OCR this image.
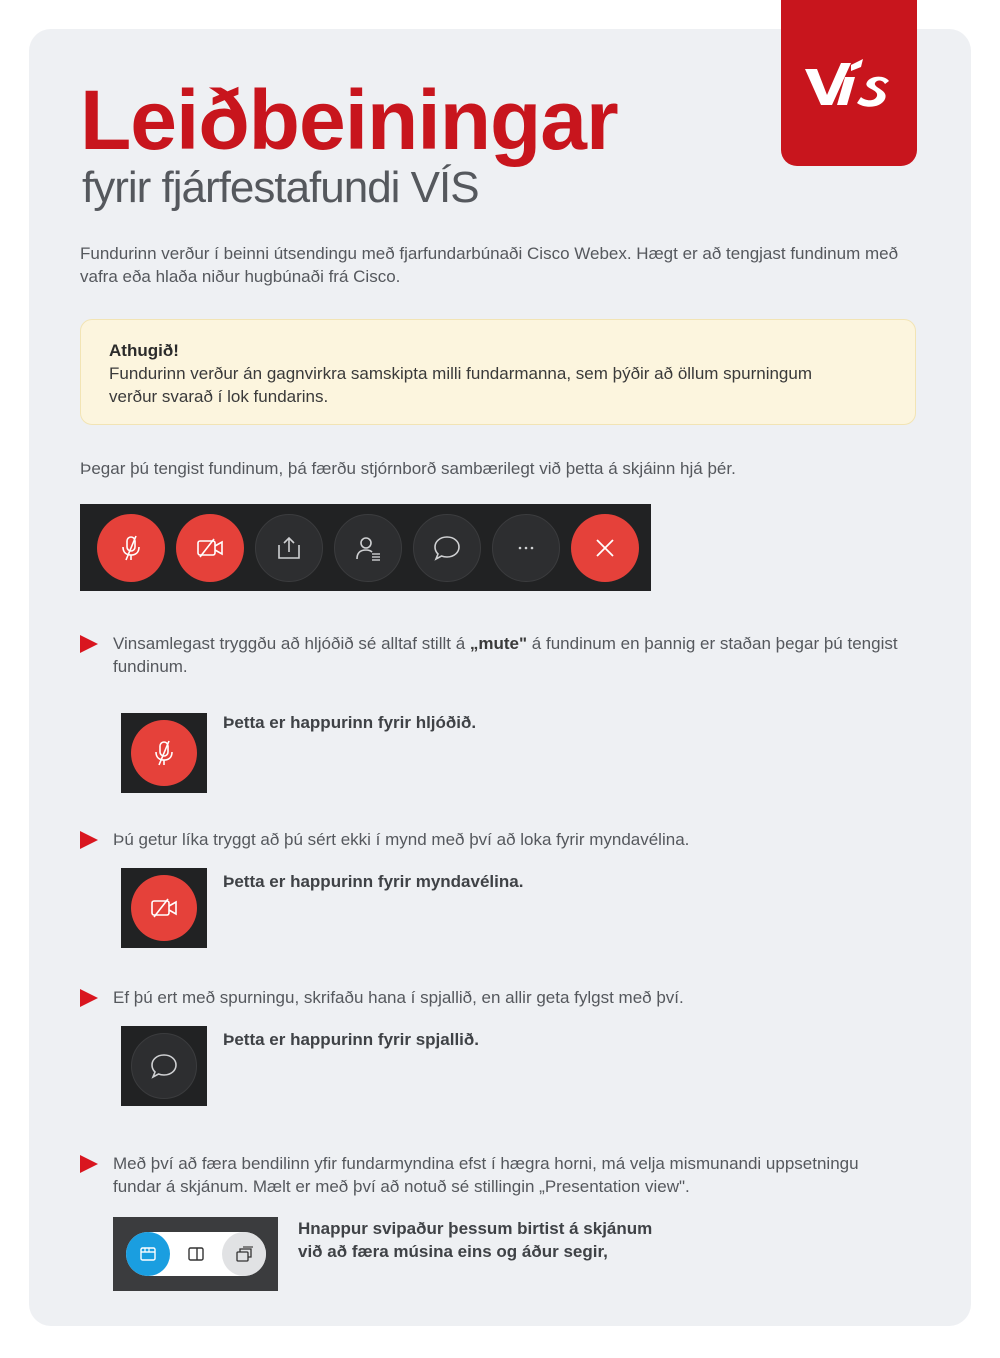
Leiðbeiningar
fyrir fjárfestafundi VÍS

Fundurinn verður í beinni útsendingu með fjarfundarbúnaði Cisco Webex. Hægt er að tengjast fundinum með vafra eða hlaða niður hugbúnaði frá Cisco.

Athugið!
Fundurinn verður án gagnvirkra samskipta milli fundarmanna, sem þýðir að öllum spurningum verður svarað í lok fundarins.

Þegar þú tengist fundinum, þá færðu stjórnborð sambærilegt við þetta á skjáinn hjá þér.

Vinsamlegast tryggðu að hljóðið sé alltaf stillt á „mute" á fundinum en þannig er staðan þegar þú tengist fundinum.
Þetta er happurinn fyrir hljóðið.
Þú getur líka tryggt að þú sért ekki í mynd með því að loka fyrir myndavélina.
Þetta er happurinn fyrir myndavélina.
Ef þú ert með spurningu, skrifaðu hana í spjallið, en allir geta fylgst með því.
Þetta er happurinn fyrir spjallið.
Með því að færa bendilinn yfir fundarmyndina efst í hægra horni, má velja mismunandi uppsetningu fundar á skjánum. Mælt er með því að notuð sé stillingin „Presentation view".
Hnappur svipaður þessum birtist á skjánum
við að færa músina eins og áður segir,
